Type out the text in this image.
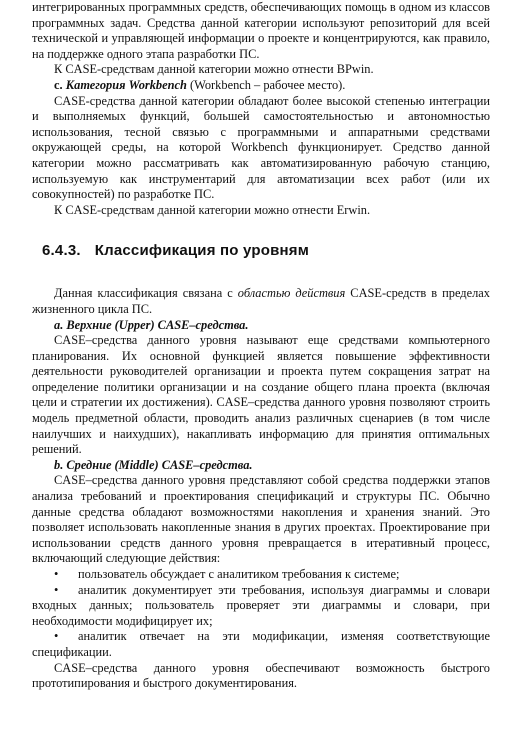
интегрированных программных средств, обеспечивающих помощь в одном из классов программных задач. Средства данной категории используют репозиторий для всей технической и управляющей информации о проекте и концентрируются, как правило, на поддержке одного этапа разработки ПС.

К CASE-средствам данной категории можно отнести BPwin.

c. Категория Workbench (Workbench – рабочее место).

CASE-средства данной категории обладают более высокой степенью интеграции и выполняемых функций, большей самостоятельностью и автономностью использования, тесной связью с программными и аппаратными средствами окружающей среды, на которой Workbench функционирует. Средство данной категории можно рассматривать как автоматизированную рабочую станцию, используемую как инструментарий для автоматизации всех работ (или их совокупностей) по разработке ПС.

К CASE-средствам данной категории можно отнести Erwin.

6.4.3. Классификация по уровням

Данная классификация связана с областью действия CASE-средств в пределах жизненного цикла ПС.

a. Верхние (Upper) CASE–средства.

CASE–средства данного уровня называют еще средствами компьютерного планирования. Их основной функцией является повышение эффективности деятельности руководителей организации и проекта путем сокращения затрат на определение политики организации и на создание общего плана проекта (включая цели и стратегии их достижения). CASE–средства данного уровня позволяют строить модель предметной области, проводить анализ различных сценариев (в том числе наилучших и наихудших), накапливать информацию для принятия оптимальных решений.

b. Средние (Middle) CASE–средства.

CASE–средства данного уровня представляют собой средства поддержки этапов анализа требований и проектирования спецификаций и структуры ПС. Обычно данные средства обладают возможностями накопления и хранения знаний. Это позволяет использовать накопленные знания в других проектах. Проектирование при использовании средств данного уровня превращается в итеративный процесс, включающий следующие действия:

• пользователь обсуждает с аналитиком требования к системе;
• аналитик документирует эти требования, используя диаграммы и словари входных данных; пользователь проверяет эти диаграммы и словари, при необходимости модифицирует их;
• аналитик отвечает на эти модификации, изменяя соответствующие спецификации.

CASE–средства данного уровня обеспечивают возможность быстрого прототипирования и быстрого документирования.
